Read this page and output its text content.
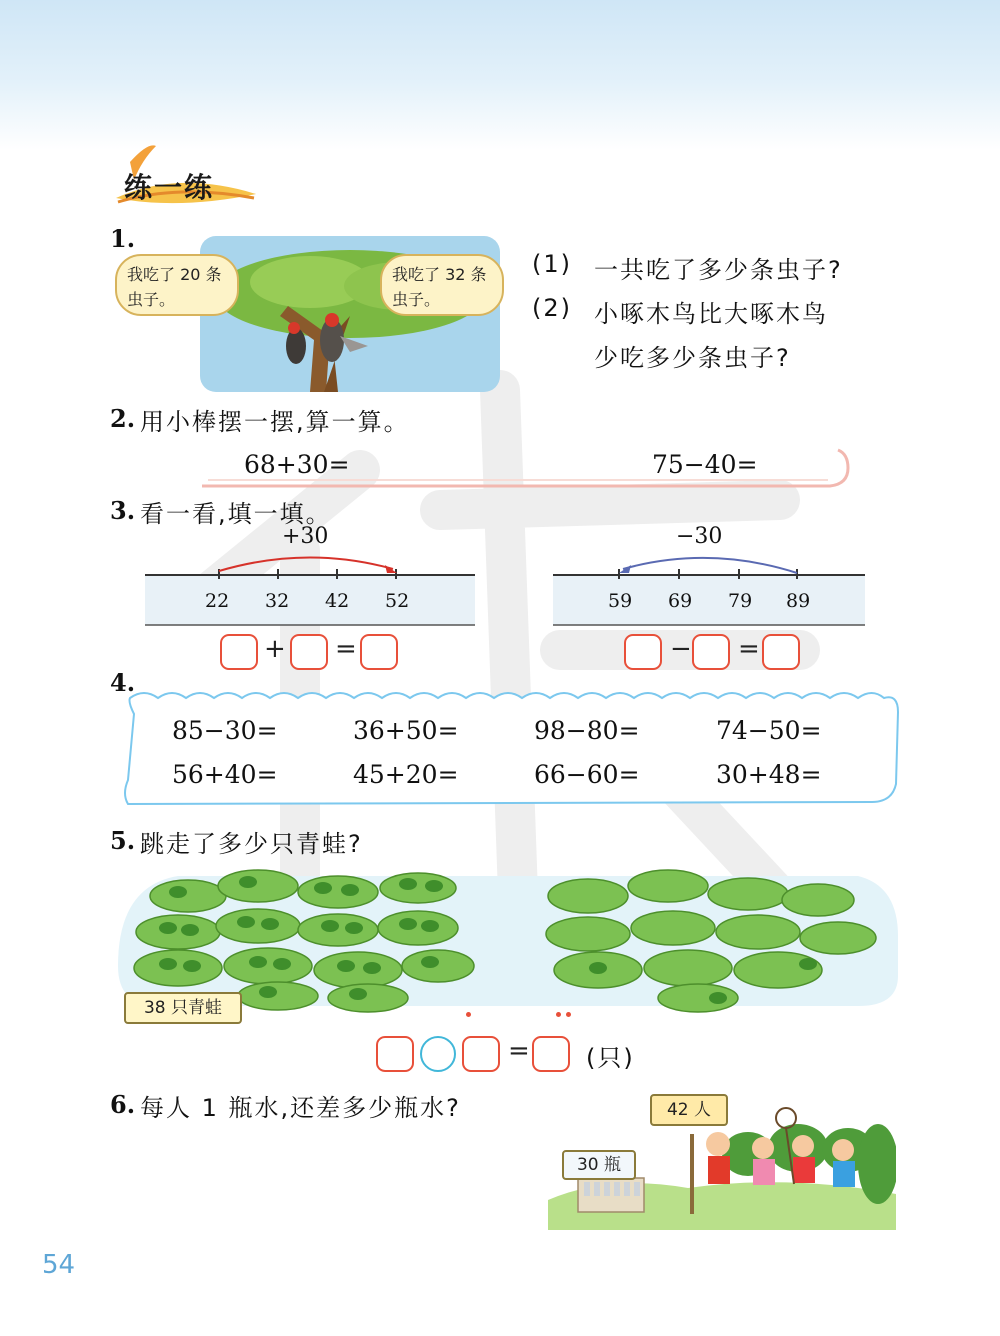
练一练
1.
我吃了 20 条虫子。
我吃了 32 条虫子。
(1) 一共吃了多少条虫子?
(2) 小啄木鸟比大啄木鸟
少吃多少条虫子?
2. 用小棒摆一摆,算一算。
68+30=	75−40=
3. 看一看,填一填。
+30
22 32 42 52
−30
59 69 79 89
+ =	− =
4.
85−30=	36+50=	98−80=	74−50=
56+40=	45+20=	66−60=	30+48=
5. 跳走了多少只青蛙?
38 只青蛙
= (只)
6. 每人 1 瓶水,还差多少瓶水?	42 人
30 瓶
54
